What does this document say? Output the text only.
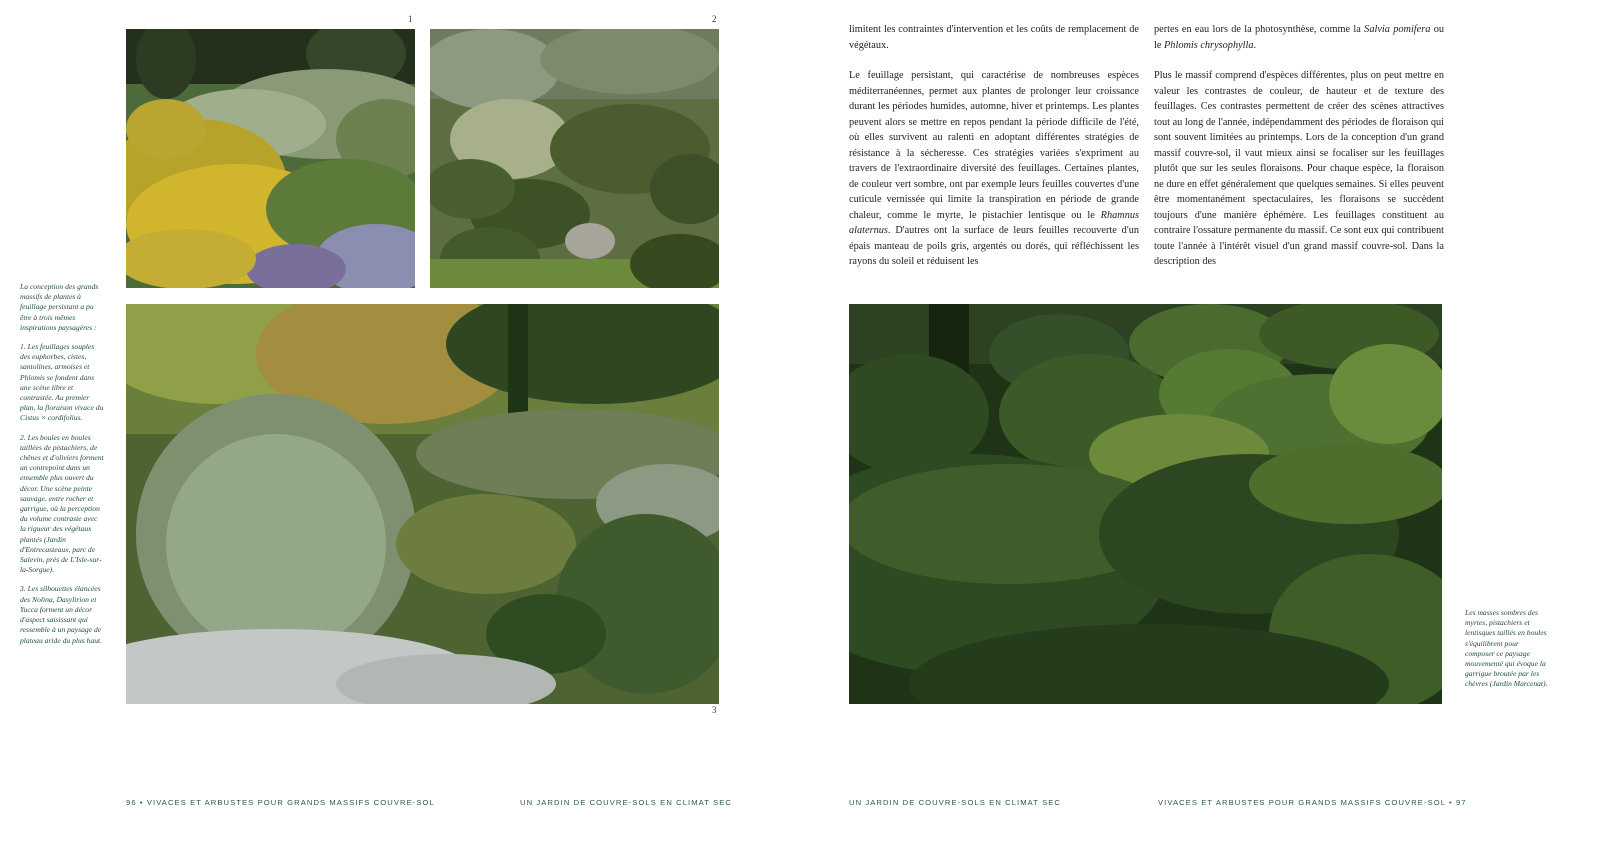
1	2
3

La conception des grands massifs de plantes à feuillage persistant a pu être à trois mêmes inspirations paysagères :

1. Les feuillages souples des euphorbes, cistes, santolines, armoises et Phlomis se fondent dans une scène libre et contrastée. Au premier plan, la floraison vivace du Cistus × cordifolius.

2. Les boules en boules taillées de pistachiers, de chênes et d'oliviers forment un contrepoint dans un ensemble plus ouvert du décor. Une scène peinte sauvage, entre rocher et garrigue, où la perception du volume contraste avec la rigueur des végétaux plantés (Jardin d'Entrecasteaux, parc de Salevin, près de L'Isle-sur-la-Sorgue).

3. Les silhouettes élancées des Nolina, Dasylirion et Yucca forment un décor d'aspect saisissant qui ressemble à un paysage de plateau aride du plus haut.

96 • VIVACES ET ARBUSTES POUR GRANDS MASSIFS COUVRE-SOL	UN JARDIN DE COUVRE-SOLS EN CLIMAT SEC

limitent les contraintes d'intervention et les coûts de remplacement de végétaux.

Le feuillage persistant, qui caractérise de nombreuses espèces méditerranéennes, permet aux plantes de prolonger leur croissance durant les périodes humides, automne, hiver et printemps. Les plantes peuvent alors se mettre en repos pendant la période difficile de l'été, où elles survivent au ralenti en adoptant différentes stratégies de résistance à la sécheresse. Ces stratégies variées s'expriment au travers de l'extraordinaire diversité des feuillages. Certaines plantes, de couleur vert sombre, ont par exemple leurs feuilles couvertes d'une cuticule vernissée qui limite la transpiration en période de grande chaleur, comme le myrte, le pistachier lentisque ou le Rhamnus alaternus. D'autres ont la surface de leurs feuilles recouverte d'un épais manteau de poils gris, argentés ou dorés, qui réfléchissent les rayons du soleil et réduisent les

pertes en eau lors de la photosynthèse, comme la Salvia pomifera ou le Phlomis chrysophylla.

Plus le massif comprend d'espèces différentes, plus on peut mettre en valeur les contrastes de couleur, de hauteur et de texture des feuillages. Ces contrastes permettent de créer des scènes attractives tout au long de l'année, indépendamment des périodes de floraison qui sont souvent limitées au printemps. Lors de la conception d'un grand massif couvre-sol, il vaut mieux ainsi se focaliser sur les feuillages plutôt que sur les seules floraisons. Pour chaque espèce, la floraison ne dure en effet généralement que quelques semaines. Si elles peuvent être momentanément spectaculaires, les floraisons se succèdent toujours d'une manière éphémère. Les feuillages constituent au contraire l'ossature permanente du massif. Ce sont eux qui contribuent toute l'année à l'intérêt visuel d'un grand massif couvre-sol. Dans la description des

Les masses sombres des myrtes, pistachiers et lentisques taillés en boules s'équilibrent pour composer ce paysage mouvementé qui évoque la garrigue broutée par les chèvres (Jardin Marcenat).

UN JARDIN DE COUVRE-SOLS EN CLIMAT SEC	VIVACES ET ARBUSTES POUR GRANDS MASSIFS COUVRE-SOL • 97
